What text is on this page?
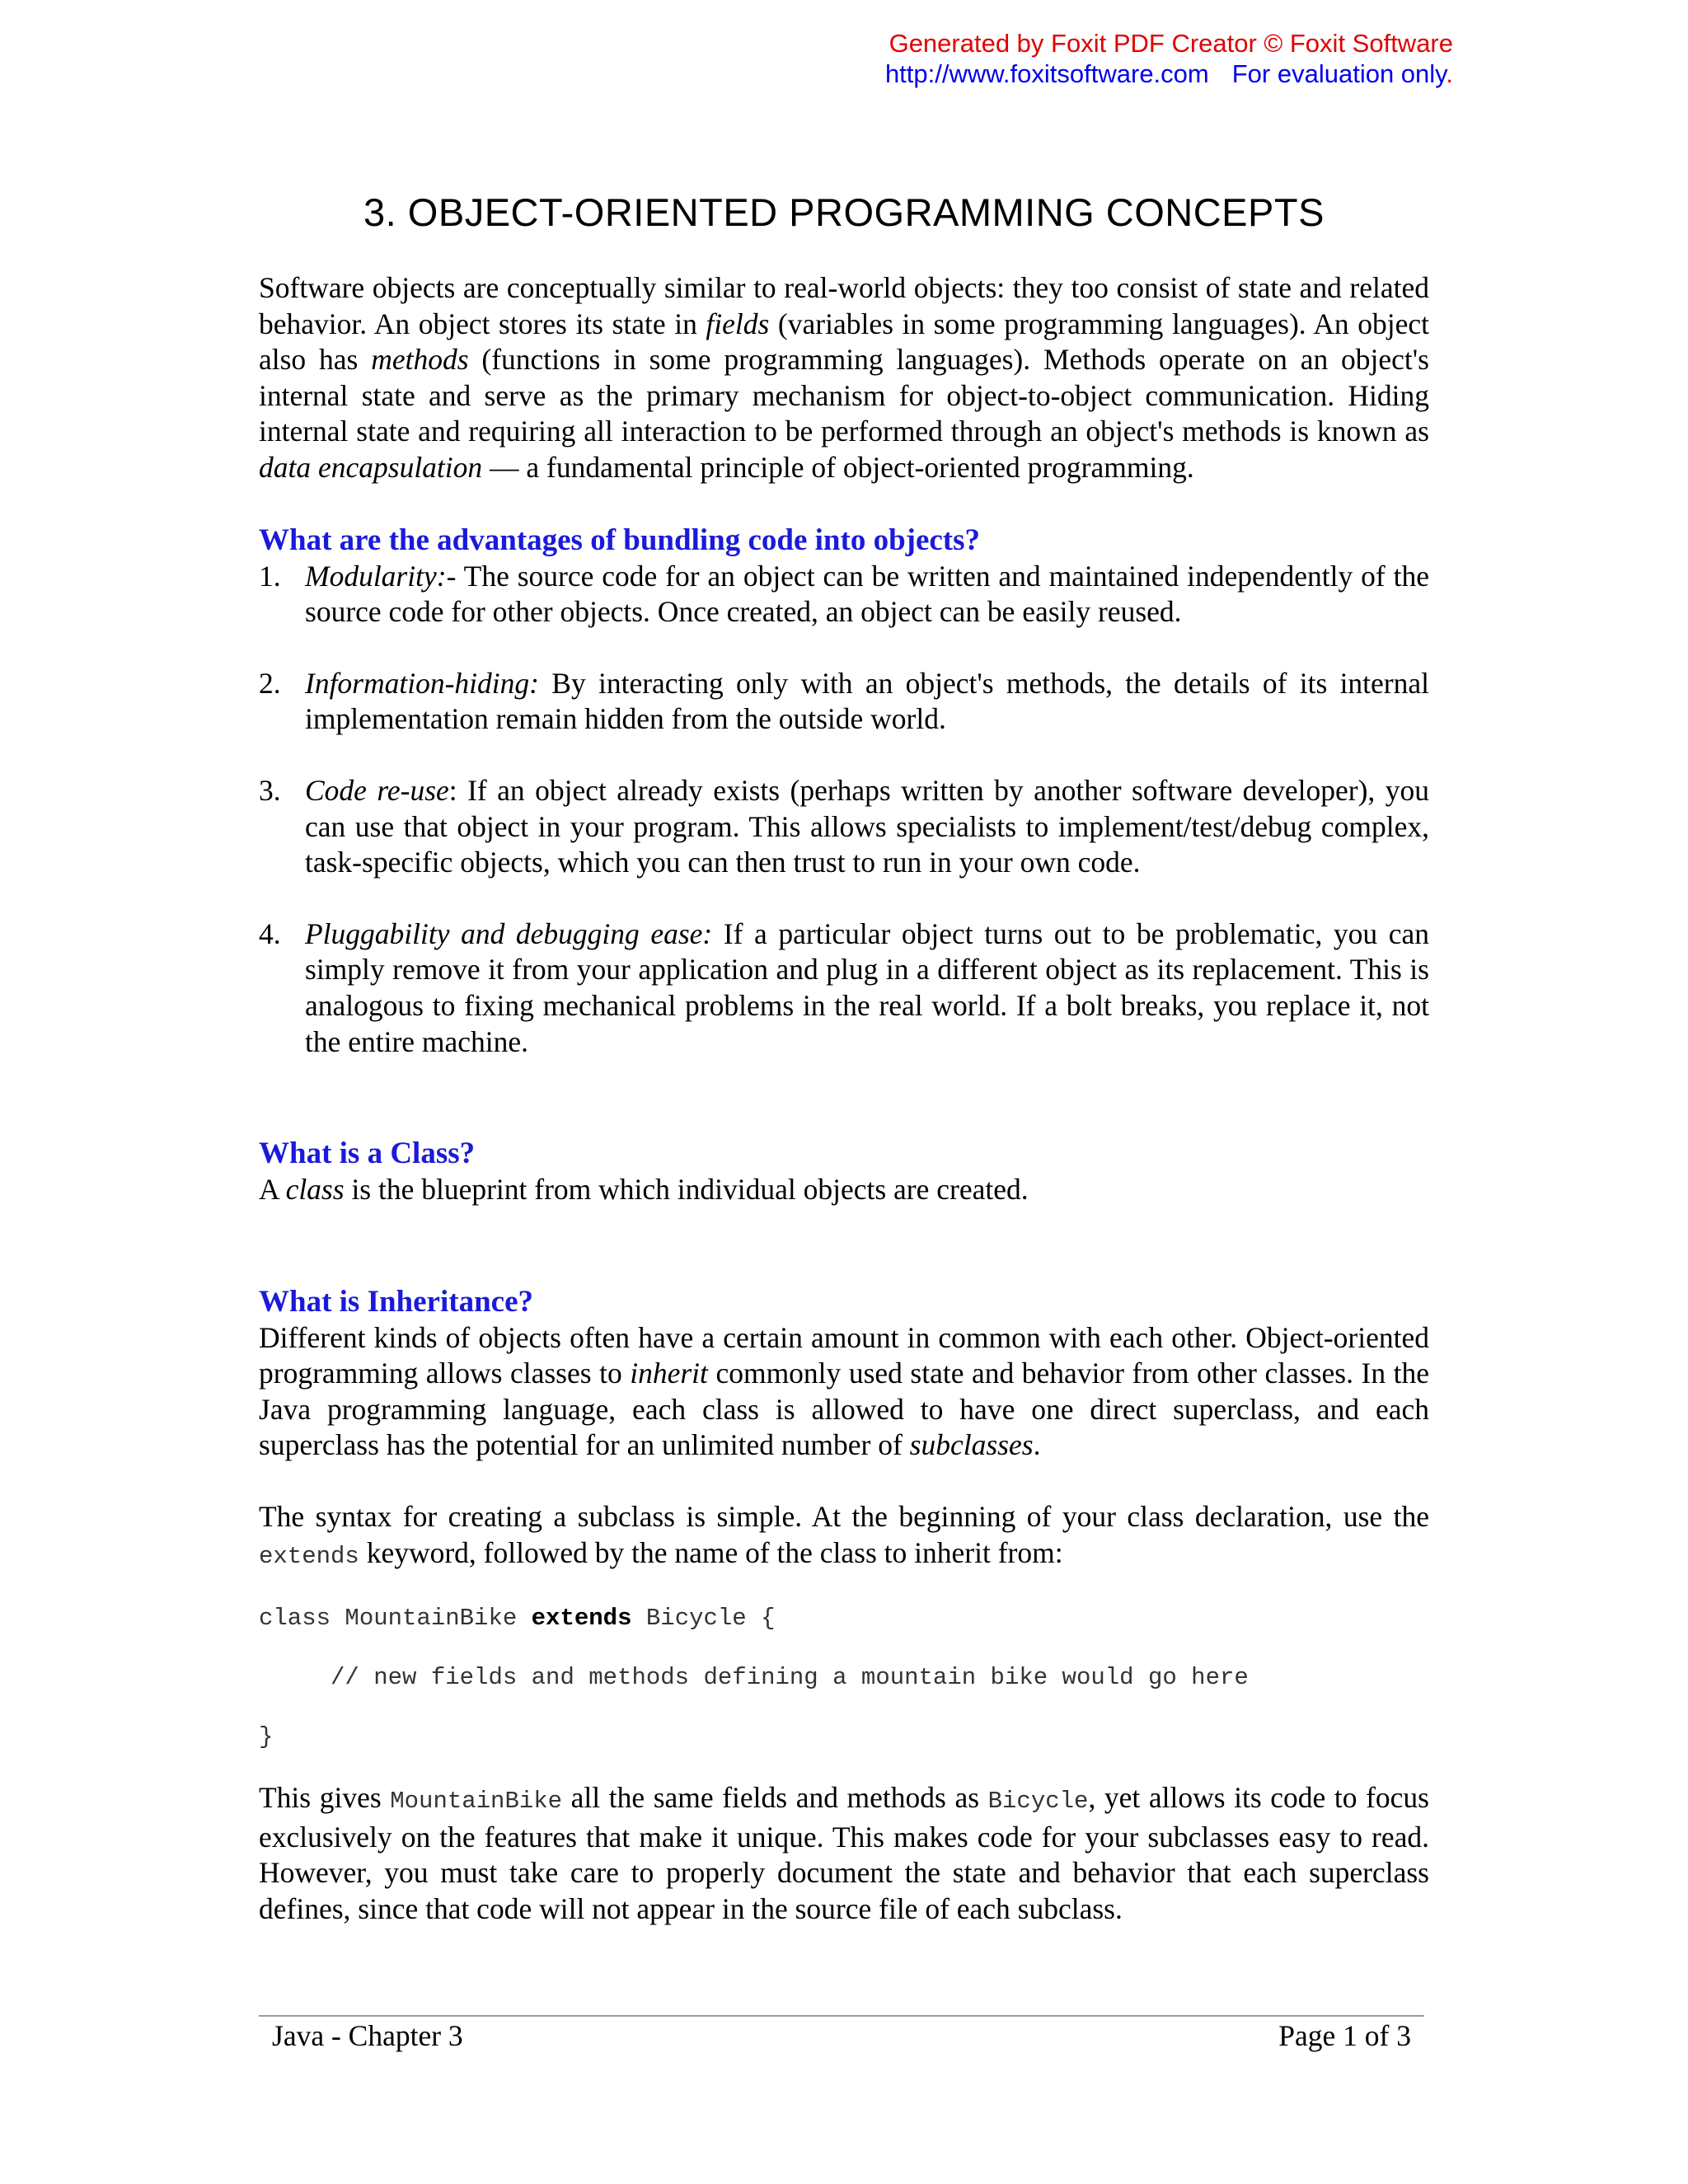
Generated by Foxit PDF Creator © Foxit Software
http://www.foxitsoftware.com For evaluation only.
3. OBJECT-ORIENTED PROGRAMMING CONCEPTS

Software objects are conceptually similar to real-world objects: they too consist of state and related behavior. An object stores its state in fields (variables in some programming languages). An object also has methods (functions in some programming languages). Methods operate on an object's internal state and serve as the primary mechanism for object-to-object communication. Hiding internal state and requiring all interaction to be performed through an object's methods is known as data encapsulation — a fundamental principle of object-oriented programming.

What are the advantages of bundling code into objects?

1. Modularity:- The source code for an object can be written and maintained independently of the source code for other objects. Once created, an object can be easily reused.
2. Information-hiding: By interacting only with an object's methods, the details of its internal implementation remain hidden from the outside world.
3. Code re-use: If an object already exists (perhaps written by another software developer), you can use that object in your program. This allows specialists to implement/test/debug complex, task-specific objects, which you can then trust to run in your own code.
4. Pluggability and debugging ease: If a particular object turns out to be problematic, you can simply remove it from your application and plug in a different object as its replacement. This is analogous to fixing mechanical problems in the real world. If a bolt breaks, you replace it, not the entire machine.

What is a Class?

A class is the blueprint from which individual objects are created.

What is Inheritance?

Different kinds of objects often have a certain amount in common with each other. Object-oriented programming allows classes to inherit commonly used state and behavior from other classes. In the Java programming language, each class is allowed to have one direct superclass, and each superclass has the potential for an unlimited number of subclasses.

The syntax for creating a subclass is simple. At the beginning of your class declaration, use the extends keyword, followed by the name of the class to inherit from:

class MountainBike extends Bicycle {

// new fields and methods defining a mountain bike would go here

}

This gives MountainBike all the same fields and methods as Bicycle, yet allows its code to focus exclusively on the features that make it unique. This makes code for your subclasses easy to read. However, you must take care to properly document the state and behavior that each superclass defines, since that code will not appear in the source file of each subclass.

Java - Chapter 3	Page 1 of 3
